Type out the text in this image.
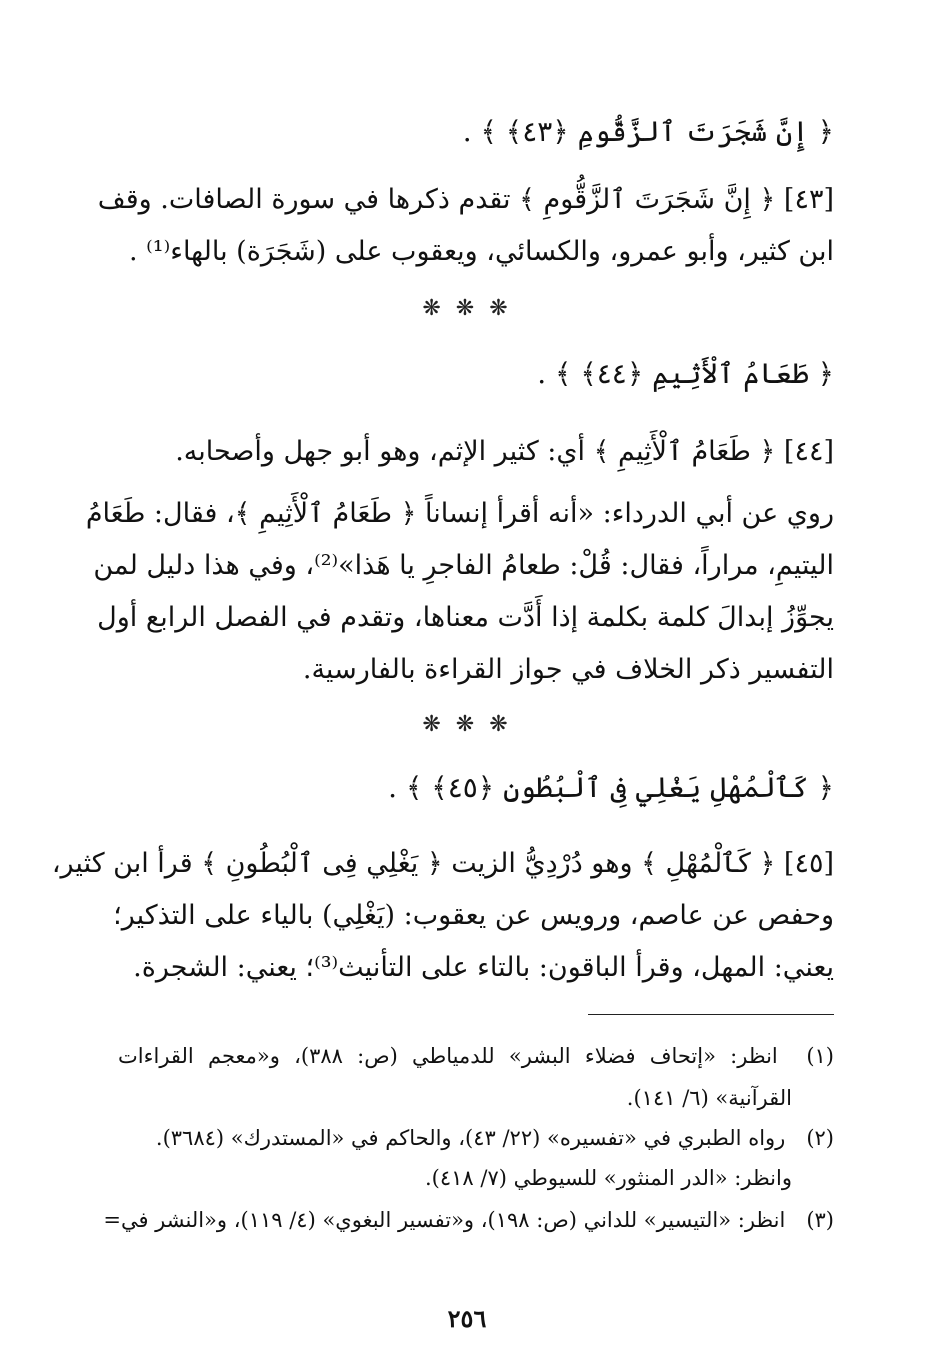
﴿ إِنَّ شَجَرَتَ ٱلزَّقُّومِ ﴿٤٣﴾ ﴾ .
[٤٣] ﴿ إِنَّ شَجَرَتَ ٱلزَّقُّومِ ﴾ تقدم ذكرها في سورة الصافات. وقف
ابن كثير، وأبو عمرو، والكسائي، ويعقوب على (شَجَرَة) بالهاء⁽¹⁾ .
❋ ❋ ❋
﴿ طَعَامُ ٱلْأَثِيمِ ﴿٤٤﴾ ﴾ .
[٤٤] ﴿ طَعَامُ ٱلْأَثِيمِ ﴾ أي: كثير الإثم، وهو أبو جهل وأصحابه.
روي عن أبي الدرداء: «أنه أقرأ إنساناً ﴿ طَعَامُ ٱلْأَثِيمِ ﴾، فقال: طَعَامُ
اليتيمِ، مراراً، فقال: قُلْ: طعامُ الفاجرِ يا هَذا»⁽²⁾، وفي هذا دليل لمن
يجوِّزُ إبدالَ كلمة بكلمة إذا أَدَّت معناها، وتقدم في الفصل الرابع أول
التفسير ذكر الخلاف في جواز القراءة بالفارسية.
❋ ❋ ❋
﴿ كَٱلْمُهْلِ يَغْلِي فِى ٱلْبُطُونِ ﴿٤٥﴾ ﴾ .
[٤٥] ﴿ كَٱلْمُهْلِ ﴾ وهو دُرْدِيُّ الزيت ﴿ يَغْلِي فِى ٱلْبُطُونِ ﴾ قرأ ابن كثير،
وحفص عن عاصم، ورويس عن يعقوب: (يَغْلِي) بالياء على التذكير؛
يعني: المهل، وقرأ الباقون: بالتاء على التأنيث⁽³⁾؛ يعني: الشجرة.
(١) انظر: «إتحاف فضلاء البشر» للدمياطي (ص: ٣٨٨)، و«معجم القراءات
القرآنية» (٦/ ١٤١).
(٢) رواه الطبري في «تفسيره» (٢٢/ ٤٣)، والحاكم في «المستدرك» (٣٦٨٤).
وانظر: «الدر المنثور» للسيوطي (٧/ ٤١٨).
(٣) انظر: «التيسير» للداني (ص: ١٩٨)، و«تفسير البغوي» (٤/ ١١٩)، و«النشر في=
٢٥٦
